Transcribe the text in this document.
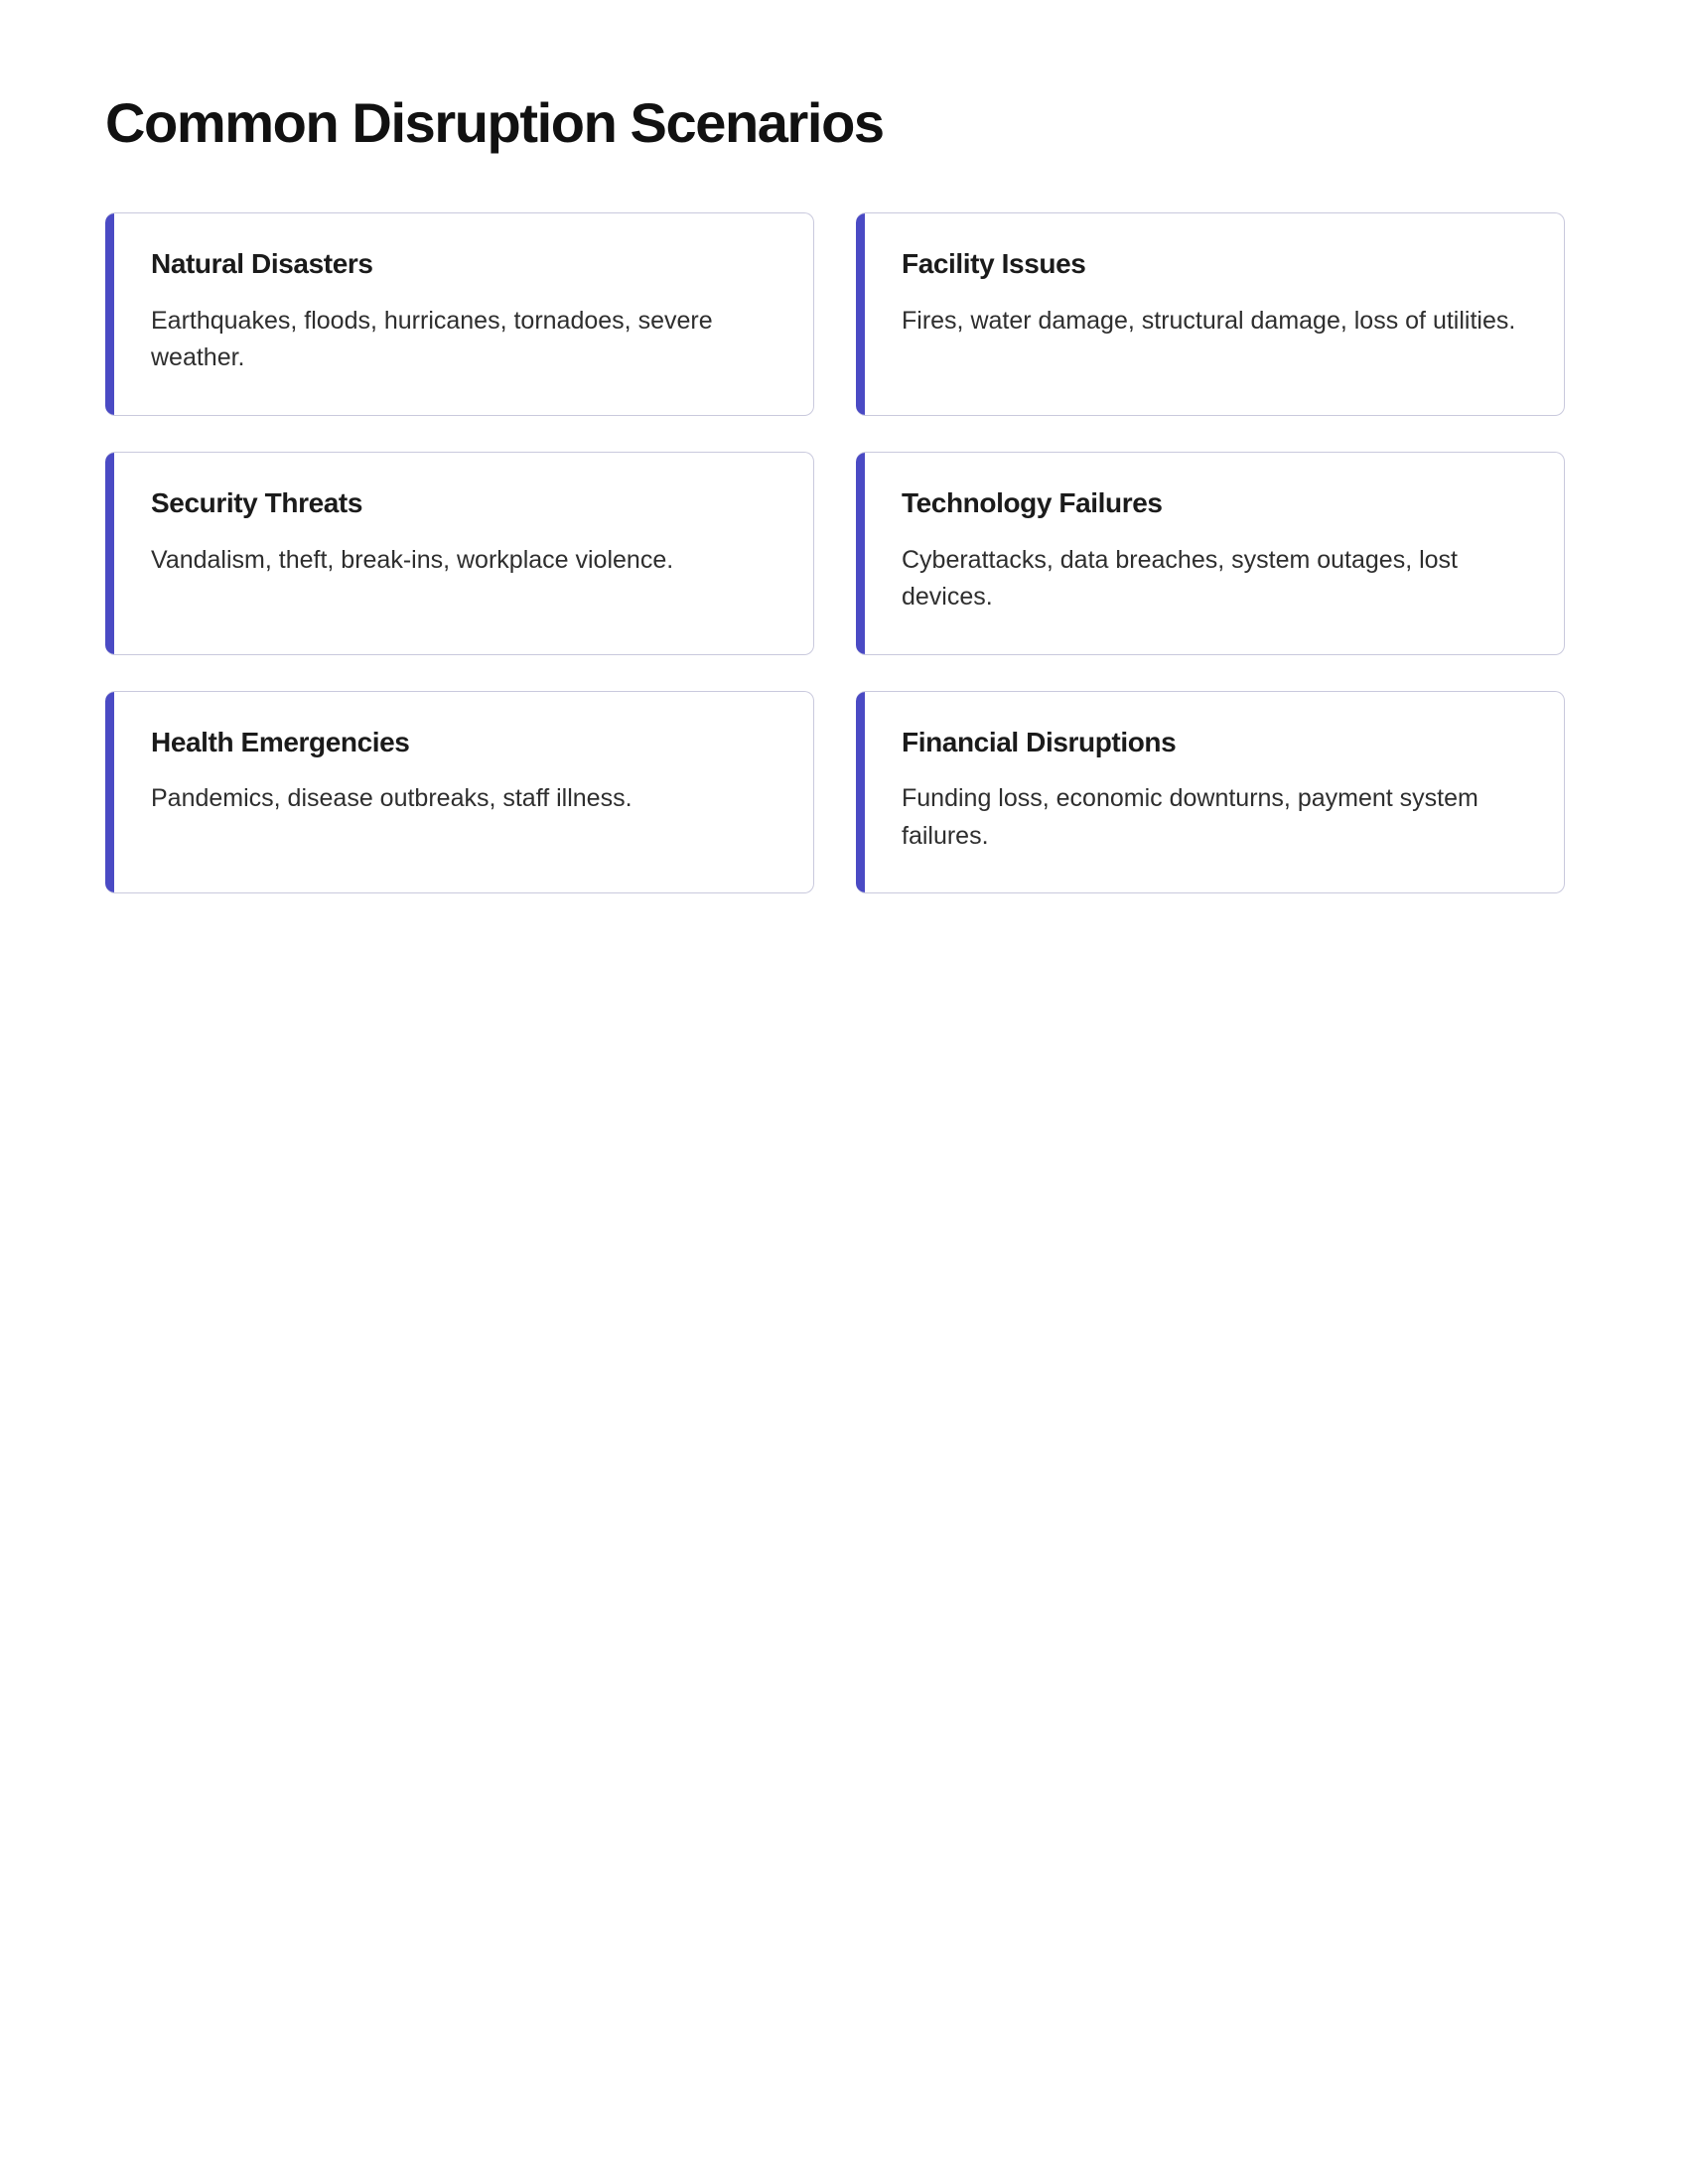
Common Disruption Scenarios
Natural Disasters

Earthquakes, floods, hurricanes, tornadoes, severe weather.

Facility Issues

Fires, water damage, structural damage, loss of utilities.

Security Threats

Vandalism, theft, break-ins, workplace violence.

Technology Failures

Cyberattacks, data breaches, system outages, lost devices.

Health Emergencies

Pandemics, disease outbreaks, staff illness.

Financial Disruptions

Funding loss, economic downturns, payment system failures.
